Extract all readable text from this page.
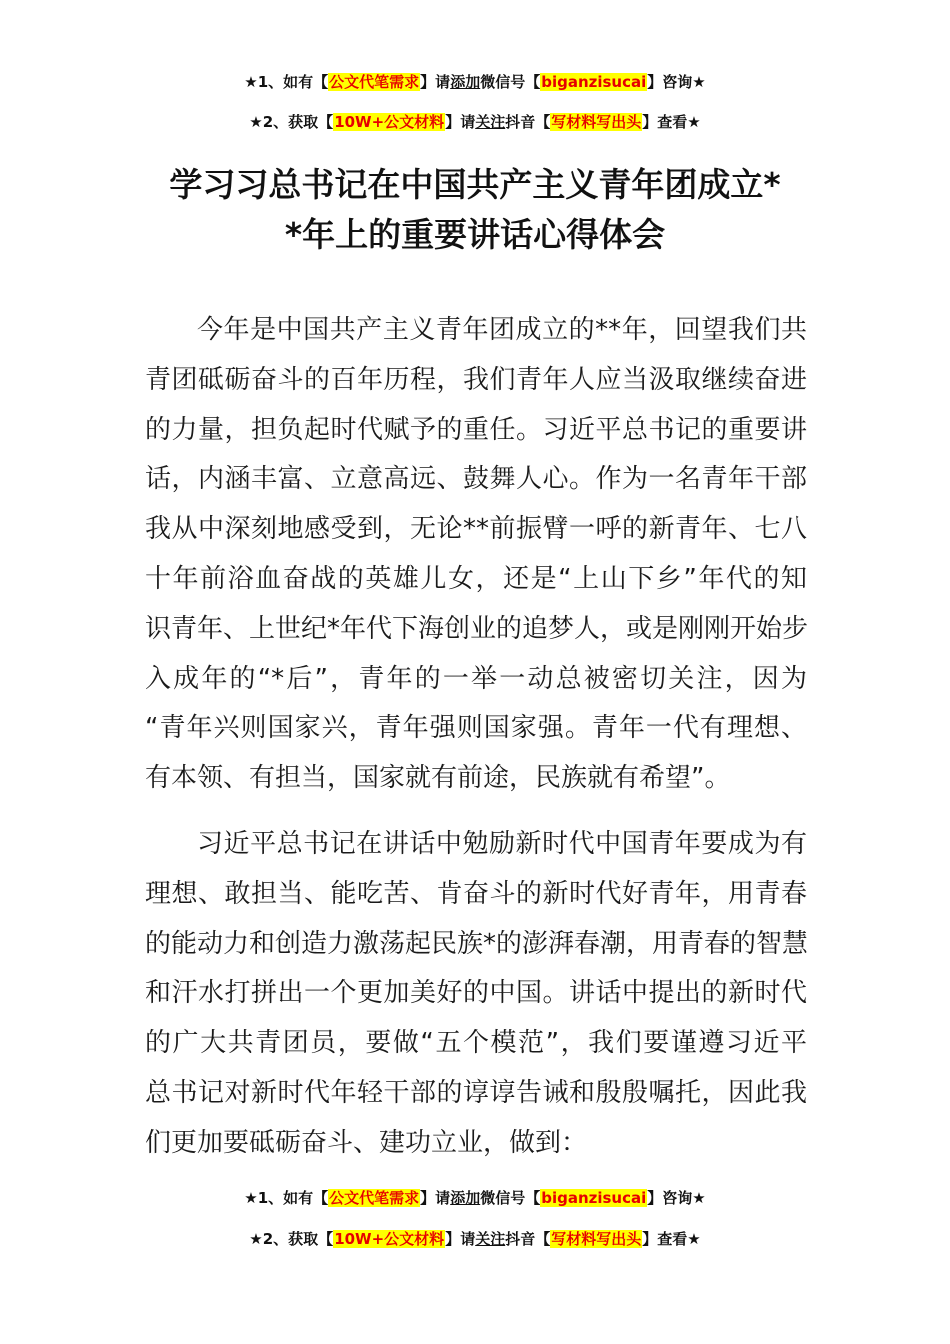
★1、如有【公文代笔需求】请添加微信号【biganzisucai】咨询★
★2、获取【10W+公文材料】请关注抖音【写材料写出头】查看★
学习习总书记在中国共产主义青年团成立*
*年上的重要讲话心得体会
今年是中国共产主义青年团成立的**年，回望我们共
青团砥砺奋斗的百年历程，我们青年人应当汲取继续奋进
的力量，担负起时代赋予的重任。习近平总书记的重要讲
话，内涵丰富、立意高远、鼓舞人心。作为一名青年干部
我从中深刻地感受到，无论**前振臂一呼的新青年、七八
十年前浴血奋战的英雄儿女，还是“上山下乡”年代的知
识青年、上世纪*年代下海创业的追梦人，或是刚刚开始步
入成年的“*后”，青年的一举一动总被密切关注，因为
“青年兴则国家兴，青年强则国家强。青年一代有理想、
有本领、有担当，国家就有前途，民族就有希望”。
习近平总书记在讲话中勉励新时代中国青年要成为有
理想、敢担当、能吃苦、肯奋斗的新时代好青年，用青春
的能动力和创造力激荡起民族*的澎湃春潮，用青春的智慧
和汗水打拼出一个更加美好的中国。讲话中提出的新时代
的广大共青团员，要做“五个模范”，我们要谨遵习近平
总书记对新时代年轻干部的谆谆告诫和殷殷嘱托，因此我
们更加要砥砺奋斗、建功立业，做到：
★1、如有【公文代笔需求】请添加微信号【biganzisucai】咨询★
★2、获取【10W+公文材料】请关注抖音【写材料写出头】查看★
